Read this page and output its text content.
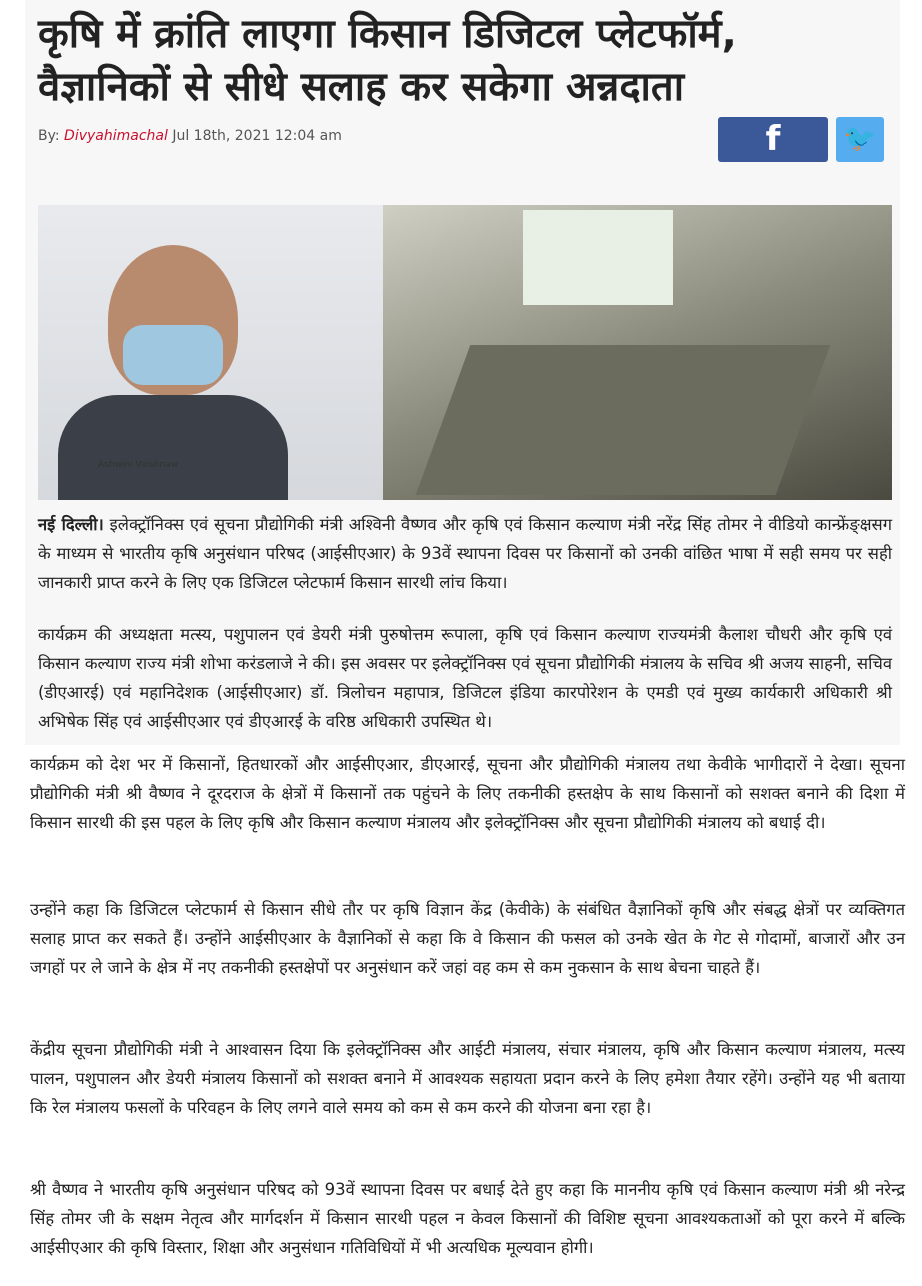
कृषि में क्रांति लाएगा किसान डिजिटल प्लेटफॉर्म, वैज्ञानिकों से सीधे सलाह कर सकेगा अन्नदाता
By: Divyahimachal Jul 18th, 2021 12:04 am	f	🐦
Ashwini Vaishnaw
नई दिल्ली। इलेक्ट्रॉनिक्स एवं सूचना प्रौद्योगिकी मंत्री अश्विनी वैष्णव और कृषि एवं किसान कल्याण मंत्री नरेंद्र सिंह तोमर ने वीडियो कान्फ्रेंङ्क्षसग के माध्यम से भारतीय कृषि अनुसंधान परिषद (आईसीएआर) के 93वें स्थापना दिवस पर किसानों को उनकी वांछित भाषा में सही समय पर सही जानकारी प्राप्त करने के लिए एक डिजिटल प्लेटफार्म किसान सारथी लांच किया।
कार्यक्रम की अध्यक्षता मत्स्य, पशुपालन एवं डेयरी मंत्री पुरुषोत्तम रूपाला, कृषि एवं किसान कल्याण राज्यमंत्री कैलाश चौधरी और कृषि एवं किसान कल्याण राज्य मंत्री शोभा करंडलाजे ने की। इस अवसर पर इलेक्ट्रॉनिक्स एवं सूचना प्रौद्योगिकी मंत्रालय के सचिव श्री अजय साहनी, सचिव (डीएआरई) एवं महानिदेशक (आईसीएआर) डॉ. त्रिलोचन महापात्र, डिजिटल इंडिया कारपोरेशन के एमडी एवं मुख्य कार्यकारी अधिकारी श्री अभिषेक सिंह एवं आईसीएआर एवं डीएआरई के वरिष्ठ अधिकारी उपस्थित थे।
कार्यक्रम को देश भर में किसानों, हितधारकों और आईसीएआर, डीएआरई, सूचना और प्रौद्योगिकी मंत्रालय तथा केवीके भागीदारों ने देखा। सूचना प्रौद्योगिकी मंत्री श्री वैष्णव ने दूरदराज के क्षेत्रों में किसानों तक पहुंचने के लिए तकनीकी हस्तक्षेप के साथ किसानों को सशक्त बनाने की दिशा में किसान सारथी की इस पहल के लिए कृषि और किसान कल्याण मंत्रालय और इलेक्ट्रॉनिक्स और सूचना प्रौद्योगिकी मंत्रालय को बधाई दी।
उन्होंने कहा कि डिजिटल प्लेटफार्म से किसान सीधे तौर पर कृषि विज्ञान केंद्र (केवीके) के संबंधित वैज्ञानिकों कृषि और संबद्ध क्षेत्रों पर व्यक्तिगत सलाह प्राप्त कर सकते हैं। उन्होंने आईसीएआर के वैज्ञानिकों से कहा कि वे किसान की फसल को उनके खेत के गेट से गोदामों, बाजारों और उन जगहों पर ले जाने के क्षेत्र में नए तकनीकी हस्तक्षेपों पर अनुसंधान करें जहां वह कम से कम नुकसान के साथ बेचना चाहते हैं।
केंद्रीय सूचना प्रौद्योगिकी मंत्री ने आश्वासन दिया कि इलेक्ट्रॉनिक्स और आईटी मंत्रालय, संचार मंत्रालय, कृषि और किसान कल्याण मंत्रालय, मत्स्य पालन, पशुपालन और डेयरी मंत्रालय किसानों को सशक्त बनाने में आवश्यक सहायता प्रदान करने के लिए हमेशा तैयार रहेंगे। उन्होंने यह भी बताया कि रेल मंत्रालय फसलों के परिवहन के लिए लगने वाले समय को कम से कम करने की योजना बना रहा है।
श्री वैष्णव ने भारतीय कृषि अनुसंधान परिषद को 93वें स्थापना दिवस पर बधाई देते हुए कहा कि माननीय कृषि एवं किसान कल्याण मंत्री श्री नरेन्द्र सिंह तोमर जी के सक्षम नेतृत्व और मार्गदर्शन में किसान सारथी पहल न केवल किसानों की विशिष्ट सूचना आवश्यकताओं को पूरा करने में बल्कि आईसीएआर की कृषि विस्तार, शिक्षा और अनुसंधान गतिविधियों में भी अत्यधिक मूल्यवान होगी।
